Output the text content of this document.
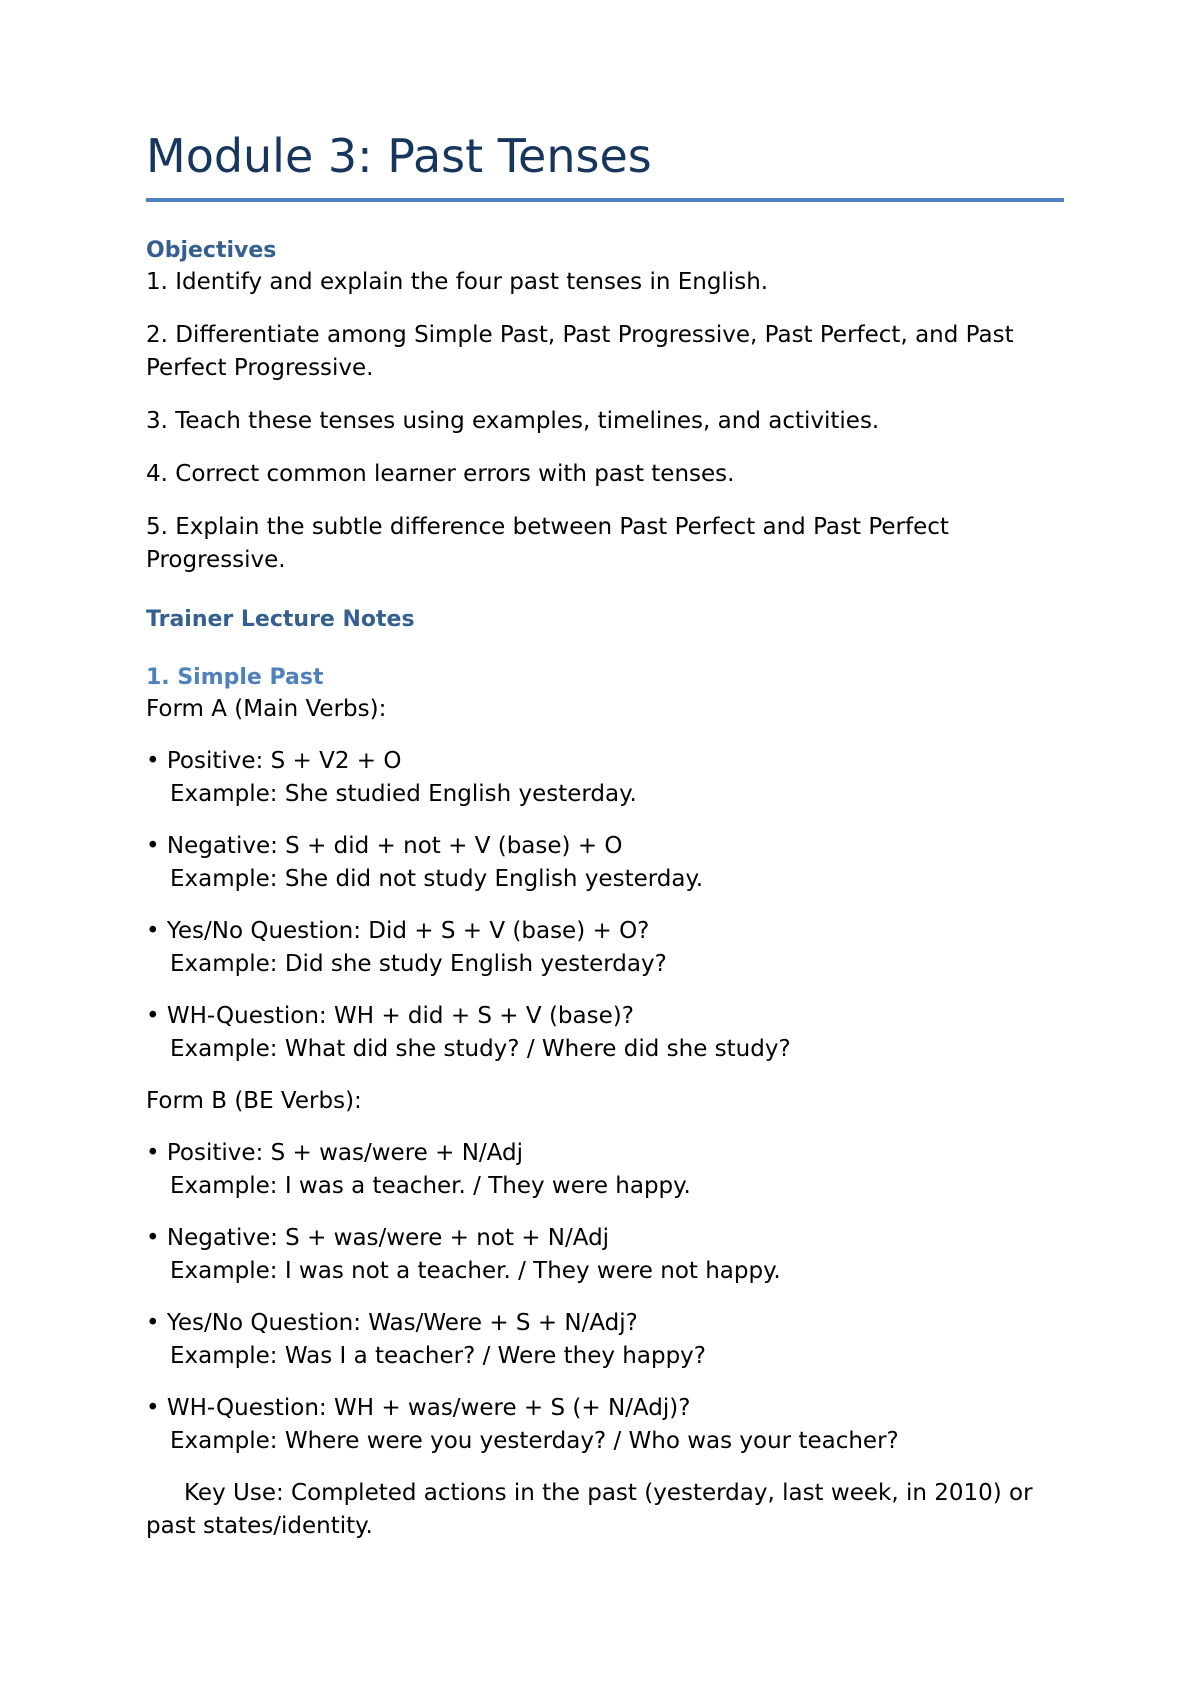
Module 3: Past Tenses
Objectives

1. Identify and explain the four past tenses in English.

2. Differentiate among Simple Past, Past Progressive, Past Perfect, and Past Perfect Progressive.

3. Teach these tenses using examples, timelines, and activities.

4. Correct common learner errors with past tenses.

5. Explain the subtle difference between Past Perfect and Past Perfect Progressive.

Trainer Lecture Notes
1. Simple Past

Form A (Main Verbs):

• Positive: S + V2 + O

Example: She studied English yesterday.

• Negative: S + did + not + V (base) + O

Example: She did not study English yesterday.

• Yes/No Question: Did + S + V (base) + O?

Example: Did she study English yesterday?

• WH-Question: WH + did + S + V (base)?

Example: What did she study? / Where did she study?

Form B (BE Verbs):

• Positive: S + was/were + N/Adj

Example: I was a teacher. / They were happy.

• Negative: S + was/were + not + N/Adj

Example: I was not a teacher. / They were not happy.

• Yes/No Question: Was/Were + S + N/Adj?

Example: Was I a teacher? / Were they happy?

• WH-Question: WH + was/were + S (+ N/Adj)?

Example: Where were you yesterday? / Who was your teacher?

Key Use: Completed actions in the past (yesterday, last week, in 2010) or past states/identity.
